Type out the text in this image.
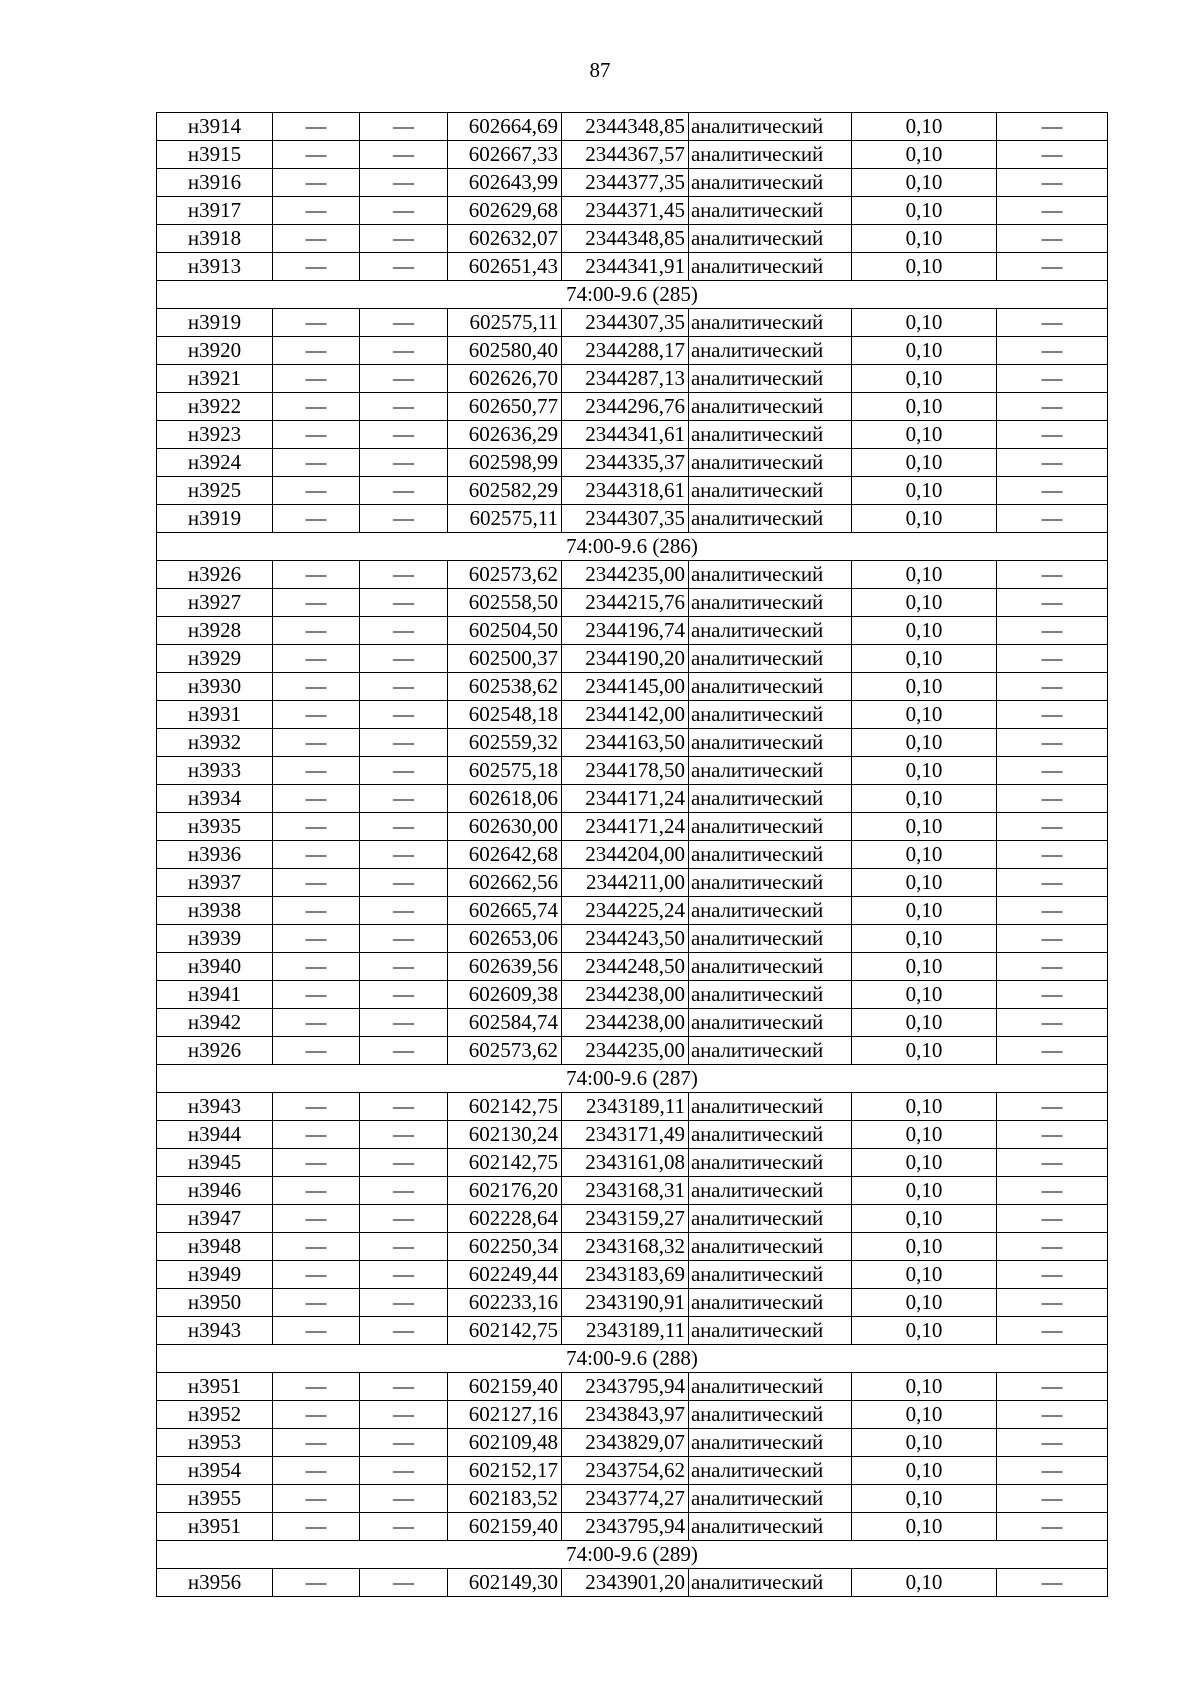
87
н3914	—	—	602664,69	2344348,85	аналитический	0,10	—
н3915	—	—	602667,33	2344367,57	аналитический	0,10	—
н3916	—	—	602643,99	2344377,35	аналитический	0,10	—
н3917	—	—	602629,68	2344371,45	аналитический	0,10	—
н3918	—	—	602632,07	2344348,85	аналитический	0,10	—
н3913	—	—	602651,43	2344341,91	аналитический	0,10	—
74:00-9.6 (285)							
н3919	—	—	602575,11	2344307,35	аналитический	0,10	—
н3920	—	—	602580,40	2344288,17	аналитический	0,10	—
н3921	—	—	602626,70	2344287,13	аналитический	0,10	—
н3922	—	—	602650,77	2344296,76	аналитический	0,10	—
н3923	—	—	602636,29	2344341,61	аналитический	0,10	—
н3924	—	—	602598,99	2344335,37	аналитический	0,10	—
н3925	—	—	602582,29	2344318,61	аналитический	0,10	—
н3919	—	—	602575,11	2344307,35	аналитический	0,10	—
74:00-9.6 (286)							
н3926	—	—	602573,62	2344235,00	аналитический	0,10	—
н3927	—	—	602558,50	2344215,76	аналитический	0,10	—
н3928	—	—	602504,50	2344196,74	аналитический	0,10	—
н3929	—	—	602500,37	2344190,20	аналитический	0,10	—
н3930	—	—	602538,62	2344145,00	аналитический	0,10	—
н3931	—	—	602548,18	2344142,00	аналитический	0,10	—
н3932	—	—	602559,32	2344163,50	аналитический	0,10	—
н3933	—	—	602575,18	2344178,50	аналитический	0,10	—
н3934	—	—	602618,06	2344171,24	аналитический	0,10	—
н3935	—	—	602630,00	2344171,24	аналитический	0,10	—
н3936	—	—	602642,68	2344204,00	аналитический	0,10	—
н3937	—	—	602662,56	2344211,00	аналитический	0,10	—
н3938	—	—	602665,74	2344225,24	аналитический	0,10	—
н3939	—	—	602653,06	2344243,50	аналитический	0,10	—
н3940	—	—	602639,56	2344248,50	аналитический	0,10	—
н3941	—	—	602609,38	2344238,00	аналитический	0,10	—
н3942	—	—	602584,74	2344238,00	аналитический	0,10	—
н3926	—	—	602573,62	2344235,00	аналитический	0,10	—
74:00-9.6 (287)							
н3943	—	—	602142,75	2343189,11	аналитический	0,10	—
н3944	—	—	602130,24	2343171,49	аналитический	0,10	—
н3945	—	—	602142,75	2343161,08	аналитический	0,10	—
н3946	—	—	602176,20	2343168,31	аналитический	0,10	—
н3947	—	—	602228,64	2343159,27	аналитический	0,10	—
н3948	—	—	602250,34	2343168,32	аналитический	0,10	—
н3949	—	—	602249,44	2343183,69	аналитический	0,10	—
н3950	—	—	602233,16	2343190,91	аналитический	0,10	—
н3943	—	—	602142,75	2343189,11	аналитический	0,10	—
74:00-9.6 (288)							
н3951	—	—	602159,40	2343795,94	аналитический	0,10	—
н3952	—	—	602127,16	2343843,97	аналитический	0,10	—
н3953	—	—	602109,48	2343829,07	аналитический	0,10	—
н3954	—	—	602152,17	2343754,62	аналитический	0,10	—
н3955	—	—	602183,52	2343774,27	аналитический	0,10	—
н3951	—	—	602159,40	2343795,94	аналитический	0,10	—
74:00-9.6 (289)							
н3956	—	—	602149,30	2343901,20	аналитический	0,10	—
